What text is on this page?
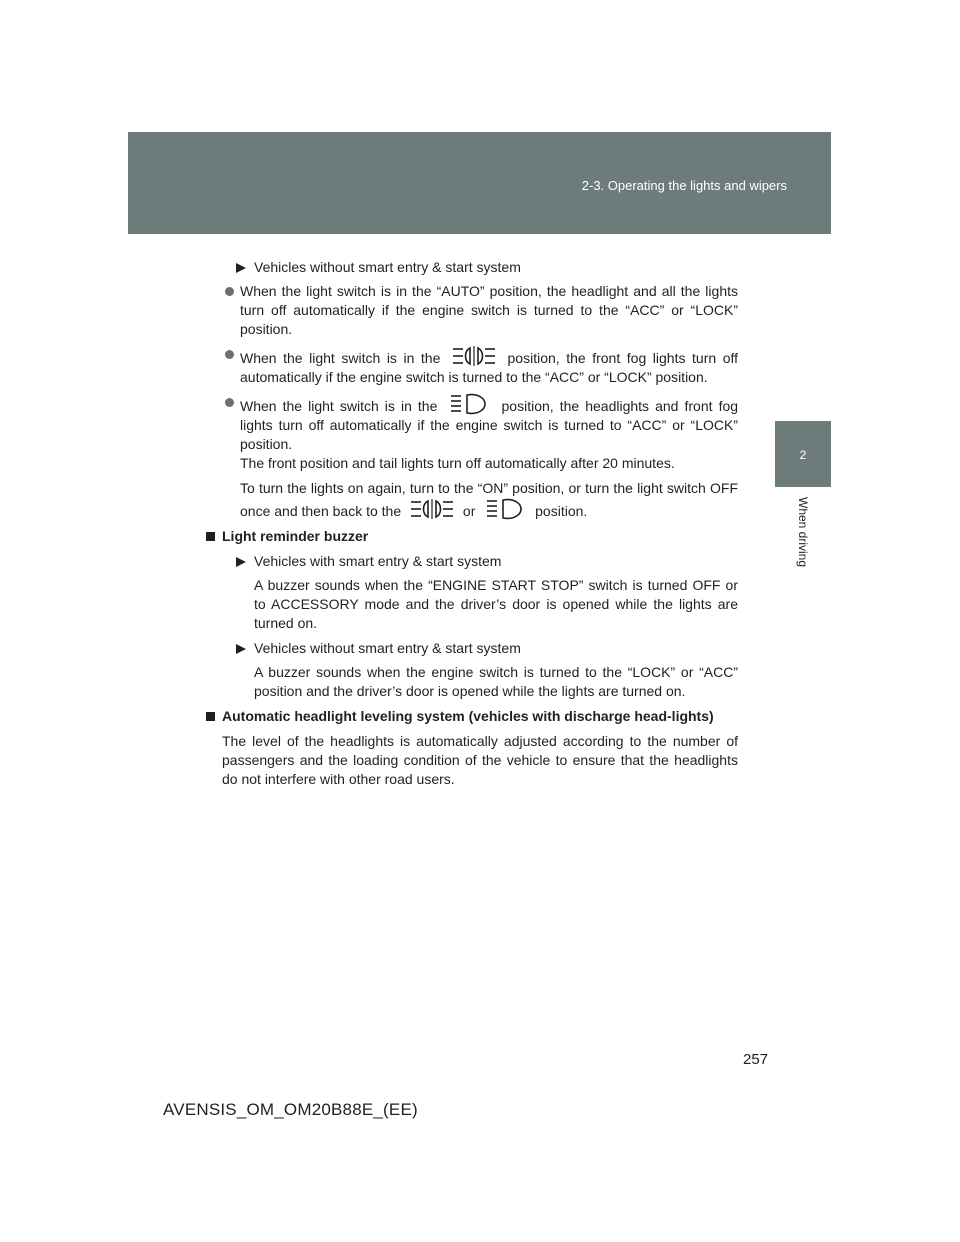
2-3. Operating the lights and wipers
2
When driving

Vehicles without smart entry & start system

When the light switch is in the “AUTO” position, the headlight and all the lights turn off automatically if the engine switch is turned to the “ACC” or “LOCK” position.

When the light switch is in the	position, the front fog lights turn off automatically if the engine switch is turned to the “ACC” or “LOCK” position.

When the light switch is in the	position, the headlights and front fog lights turn off automatically if the engine switch is turned to “ACC” or “LOCK” position.
The front position and tail lights turn off automatically after 20 minutes.

To turn the lights on again, turn to the “ON” position, or turn the light switch OFF once and then back to the	or	position.

Light reminder buzzer

Vehicles with smart entry & start system

A buzzer sounds when the “ENGINE START STOP” switch is turned OFF or to ACCESSORY mode and the driver’s door is opened while the lights are turned on.

Vehicles without smart entry & start system

A buzzer sounds when the engine switch is turned to the “LOCK” or “ACC” position and the driver’s door is opened while the lights are turned on.

Automatic headlight leveling system (vehicles with discharge head-lights)

The level of the headlights is automatically adjusted according to the number of passengers and the loading condition of the vehicle to ensure that the headlights do not interfere with other road users.

257
AVENSIS_OM_OM20B88E_(EE)
